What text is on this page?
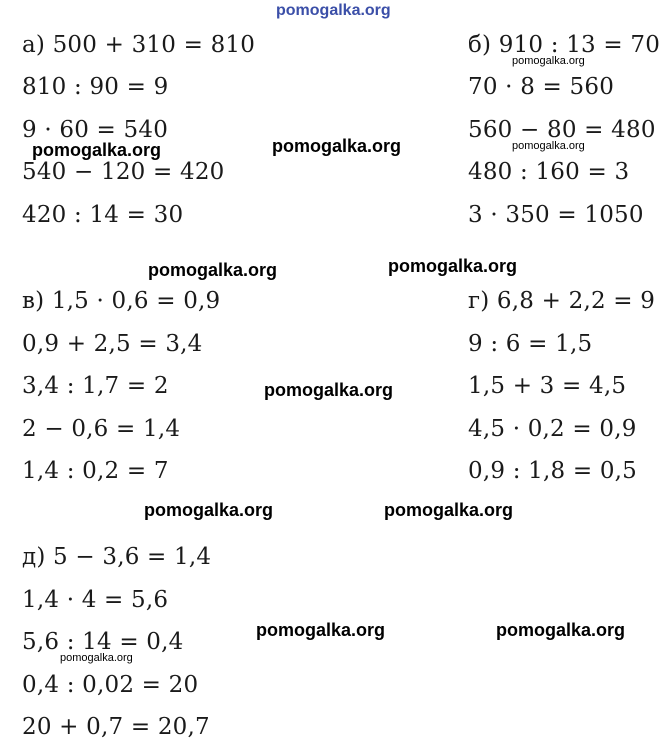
pomogalka.org
а) 500 + 310 = 810
810 : 90 = 9
9 · 60 = 540
540 − 120 = 420
420 : 14 = 30
б) 910 : 13 = 70
70 · 8 = 560
560 − 80 = 480
480 : 160 = 3
3 · 350 = 1050
в) 1,5 · 0,6 = 0,9
0,9 + 2,5 = 3,4
3,4 : 1,7 = 2
2 − 0,6 = 1,4
1,4 : 0,2 = 7
г) 6,8 + 2,2 = 9
9 : 6 = 1,5
1,5 + 3 = 4,5
4,5 · 0,2 = 0,9
0,9 : 1,8 = 0,5
д) 5 − 3,6 = 1,4
1,4 · 4 = 5,6
5,6 : 14 = 0,4
0,4 : 0,02 = 20
20 + 0,7 = 20,7
pomogalka.org
pomogalka.org	pomogalka.org	pomogalka.org
pomogalka.org	pomogalka.org
pomogalka.org
pomogalka.org	pomogalka.org
pomogalka.org	pomogalka.org
pomogalka.org
